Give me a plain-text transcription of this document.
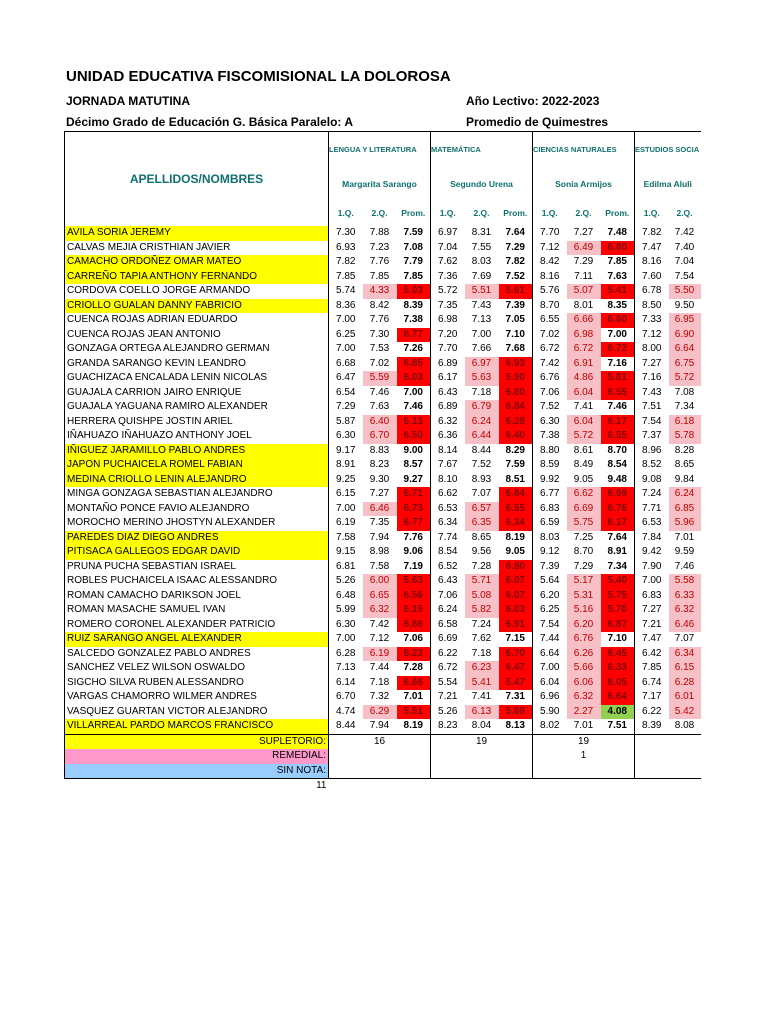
UNIDAD EDUCATIVA FISCOMISIONAL LA DOLOROSA
JORNADA MATUTINA	Año Lectivo: 2022-2023
Décimo Grado de Educación G. Básica Paralelo: A	Promedio de Quimestres
APELLIDOS/NOMBRES	LENGUA Y LITERATURA			MATEMÁTICA			CIENCIAS NATURALES			ESTUDIOS SOCIA	
	Margarita Sarango			Segundo Urena			Sonia Armijos			Edilma Aluli	
	1.Q.	2.Q.	Prom.	1.Q.	2.Q.	Prom.	1.Q.	2.Q.	Prom.	1.Q.	2.Q.
AVILA SORIA JEREMY	7.30	7.88	7.59	6.97	8.31	7.64	7.70	7.27	7.48	7.82	7.42
CALVAS MEJIA CRISTHIAN JAVIER	6.93	7.23	7.08	7.04	7.55	7.29	7.12	6.49	6.80	7.47	7.40
CAMACHO ORDOÑEZ OMAR MATEO	7.82	7.76	7.79	7.62	8.03	7.82	8.42	7.29	7.85	8.16	7.04
CARREÑO TAPIA ANTHONY FERNANDO	7.85	7.85	7.85	7.36	7.69	7.52	8.16	7.11	7.63	7.60	7.54
CORDOVA COELLO JORGE ARMANDO	5.74	4.33	5.03	5.72	5.51	5.61	5.76	5.07	5.41	6.78	5.50
CRIOLLO GUALAN DANNY FABRICIO	8.36	8.42	8.39	7.35	7.43	7.39	8.70	8.01	8.35	8.50	9.50
CUENCA ROJAS ADRIAN EDUARDO	7.00	7.76	7.38	6.98	7.13	7.05	6.55	6.66	6.60	7.33	6.95
CUENCA ROJAS JEAN ANTONIO	6.25	7.30	6.77	7.20	7.00	7.10	7.02	6.98	7.00	7.12	6.90
GONZAGA ORTEGA ALEJANDRO GERMAN	7.00	7.53	7.26	7.70	7.66	7.68	6.72	6.72	6.72	8.00	6.64
GRANDA SARANGO KEVIN LEANDRO	6.68	7.02	6.85	6.89	6.97	6.93	7.42	6.91	7.16	7.27	6.75
GUACHIZACA ENCALADA LENIN NICOLAS	6.47	5.59	6.03	6.17	5.63	5.90	6.76	4.86	5.81	7.16	5.72
GUAJALA CARRION JAIRO ENRIQUE	6.54	7.46	7.00	6.43	7.18	6.80	7.06	6.04	6.55	7.43	7.08
GUAJALA YAGUANA RAMIRO ALEXANDER	7.29	7.63	7.46	6.89	6.79	6.84	7.52	7.41	7.46	7.51	7.34
HERRERA QUISHPE JOSTIN ARIEL	5.87	6.40	6.13	6.32	6.24	6.28	6.30	6.04	6.17	7.54	6.18
IÑAHUAZO IÑAHUAZO ANTHONY JOEL	6.30	6.70	6.50	6.36	6.44	6.40	7.38	5.72	6.55	7.37	5.78
IÑIGUEZ JARAMILLO PABLO ANDRES	9.17	8.83	9.00	8.14	8.44	8.29	8.80	8.61	8.70	8.96	8.28
JAPON PUCHAICELA ROMEL FABIAN	8.91	8.23	8.57	7.67	7.52	7.59	8.59	8.49	8.54	8.52	8.65
MEDINA CRIOLLO LENIN ALEJANDRO	9.25	9.30	9.27	8.10	8.93	8.51	9.92	9.05	9.48	9.08	9.84
MINGA GONZAGA SEBASTIAN ALEJANDRO	6.15	7.27	6.71	6.62	7.07	6.84	6.77	6.62	6.69	7.24	6.24
MONTAÑO PONCE FAVIO ALEJANDRO	7.00	6.46	6.73	6.53	6.57	6.55	6.83	6.69	6.76	7.71	6.85
MOROCHO MERINO JHOSTYN ALEXANDER	6.19	7.35	6.77	6.34	6.35	6.34	6.59	5.75	6.17	6.53	5.96
PAREDES DIAZ DIEGO ANDRES	7.58	7.94	7.76	7.74	8.65	8.19	8.03	7.25	7.64	7.84	7.01
PITISACA GALLEGOS EDGAR DAVID	9.15	8.98	9.06	8.54	9.56	9.05	9.12	8.70	8.91	9.42	9.59
PRUNA PUCHA SEBASTIAN ISRAEL	6.81	7.58	7.19	6.52	7.28	6.90	7.39	7.29	7.34	7.90	7.46
ROBLES PUCHAICELA ISAAC ALESSANDRO	5.26	6.00	5.63	6.43	5.71	6.07	5.64	5.17	5.40	7.00	5.58
ROMAN CAMACHO DARIKSON JOEL	6.48	6.65	6.56	7.06	5.08	6.07	6.20	5.31	5.75	6.83	6.33
ROMAN MASACHE SAMUEL IVAN	5.99	6.32	6.15	6.24	5.82	6.03	6.25	5.16	5.70	7.27	6.32
ROMERO CORONEL ALEXANDER PATRICIO	6.30	7.42	6.86	6.58	7.24	6.91	7.54	6.20	6.87	7.21	6.46
RUIZ SARANGO ANGEL ALEXANDER	7.00	7.12	7.06	6.69	7.62	7.15	7.44	6.76	7.10	7.47	7.07
SALCEDO GONZALEZ PABLO ANDRES	6.28	6.19	6.23	6.22	7.18	6.70	6.64	6.26	6.45	6.42	6.34
SANCHEZ VELEZ WILSON OSWALDO	7.13	7.44	7.28	6.72	6.23	6.47	7.00	5.66	6.33	7.85	6.15
SIGCHO SILVA RUBEN ALESSANDRO	6.14	7.18	6.66	5.54	5.41	5.47	6.04	6.06	6.05	6.74	6.28
VARGAS CHAMORRO WILMER ANDRES	6.70	7.32	7.01	7.21	7.41	7.31	6.96	6.32	6.64	7.17	6.01
VASQUEZ GUARTAN VICTOR ALEJANDRO	4.74	6.29	5.51	5.26	6.13	5.69	5.90	2.27	4.08	6.22	5.42
VILLARREAL PARDO MARCOS FRANCISCO	8.44	7.94	8.19	8.23	8.04	8.13	8.02	7.01	7.51	8.39	8.08
SUPLETORIO:	16			19			19				
REMEDIAL:							1				
SIN NOTA:											
11											
